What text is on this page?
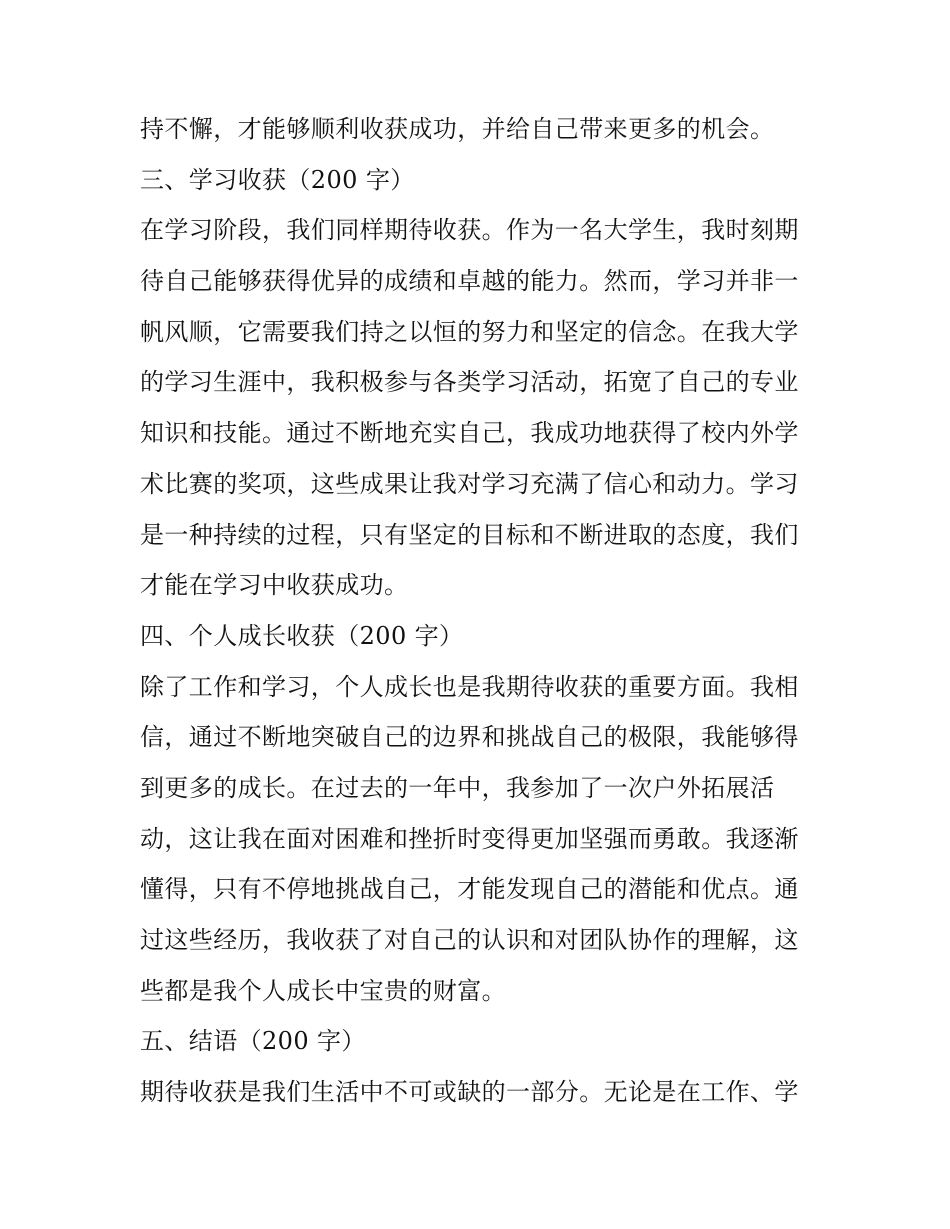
持不懈，才能够顺利收获成功，并给自己带来更多的机会。
三、学习收获（200 字）
在学习阶段，我们同样期待收获。作为一名大学生，我时刻期
待自己能够获得优异的成绩和卓越的能力。然而，学习并非一
帆风顺，它需要我们持之以恒的努力和坚定的信念。在我大学
的学习生涯中，我积极参与各类学习活动，拓宽了自己的专业
知识和技能。通过不断地充实自己，我成功地获得了校内外学
术比赛的奖项，这些成果让我对学习充满了信心和动力。学习
是一种持续的过程，只有坚定的目标和不断进取的态度，我们
才能在学习中收获成功。
四、个人成长收获（200 字）
除了工作和学习，个人成长也是我期待收获的重要方面。我相
信，通过不断地突破自己的边界和挑战自己的极限，我能够得
到更多的成长。在过去的一年中，我参加了一次户外拓展活
动，这让我在面对困难和挫折时变得更加坚强而勇敢。我逐渐
懂得，只有不停地挑战自己，才能发现自己的潜能和优点。通
过这些经历，我收获了对自己的认识和对团队协作的理解，这
些都是我个人成长中宝贵的财富。
五、结语（200 字）
期待收获是我们生活中不可或缺的一部分。无论是在工作、学
